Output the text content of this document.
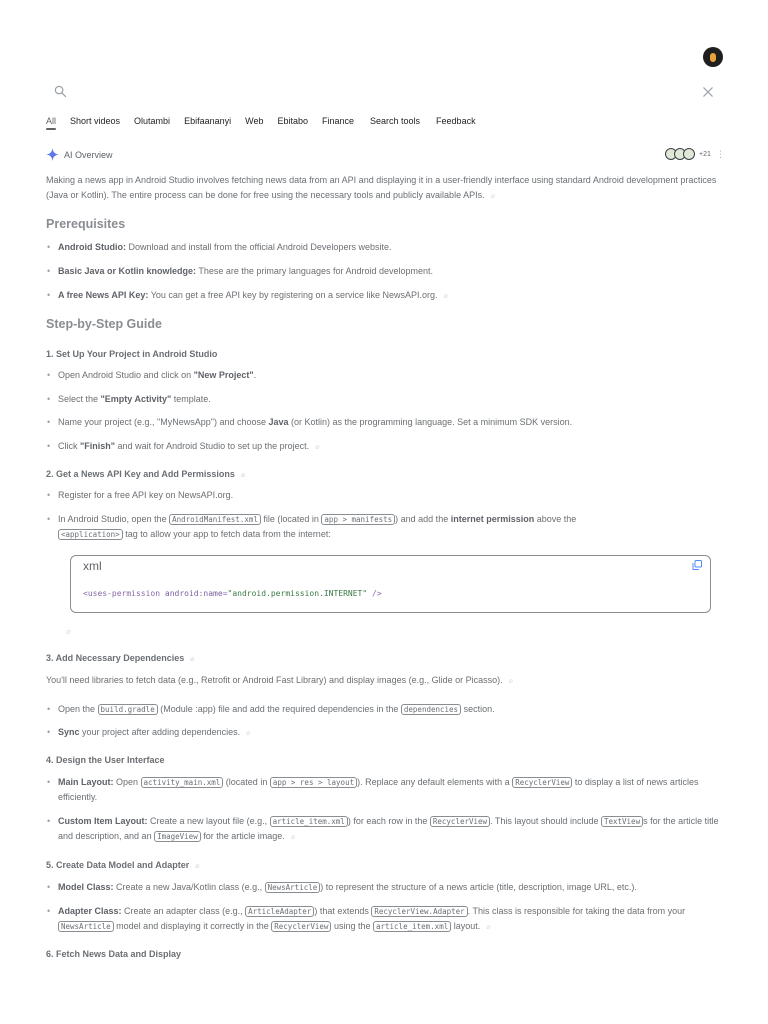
All Short videos Olutambi Ebifaananyi Web Ebitabo Finance Search tools Feedback
AI Overview	+21 ⋮
Making a news app in Android Studio involves fetching news data from an API and displaying it in a user-friendly interface using standard Android development practices (Java or Kotlin). The entire process can be done for free using the necessary tools and publicly available APIs. ⌀
Prerequisites
• Android Studio: Download and install from the official Android Developers website.
• Basic Java or Kotlin knowledge: These are the primary languages for Android development.
• A free News API Key: You can get a free API key by registering on a service like NewsAPI.org. ⌀
Step-by-Step Guide
1. Set Up Your Project in Android Studio
• Open Android Studio and click on "New Project".
• Select the "Empty Activity" template.
• Name your project (e.g., "MyNewsApp") and choose Java (or Kotlin) as the programming language. Set a minimum SDK version.
• Click "Finish" and wait for Android Studio to set up the project. ⌀
2. Get a News API Key and Add Permissions ⌀
• Register for a free API key on NewsAPI.org.
• In Android Studio, open the AndroidManifest.xml file (located in app > manifests ) and add the internet permission above the
<application> tag to allow your app to fetch data from the internet:
xml
<uses-permission android:name="android.permission.INTERNET" />
⌀
3. Add Necessary Dependencies ⌀
You'll need libraries to fetch data (e.g., Retrofit or Android Fast Library) and display images (e.g., Glide or Picasso). ⌀
• Open the build.gradle (Module :app) file and add the required dependencies in the dependencies section.
• Sync your project after adding dependencies. ⌀
4. Design the User Interface
• Main Layout: Open activity_main.xml (located in app > res > layout ). Replace any default elements with a RecyclerView to display a list of news articles efficiently.
• Custom Item Layout: Create a new layout file (e.g., article_item.xml ) for each row in the RecyclerView . This layout should include TextView s for the article title and description, and an ImageView for the article image. ⌀
5. Create Data Model and Adapter ⌀
• Model Class: Create a new Java/Kotlin class (e.g., NewsArticle ) to represent the structure of a news article (title, description, image URL, etc.).
• Adapter Class: Create an adapter class (e.g., ArticleAdapter ) that extends RecyclerView.Adapter . This class is responsible for taking the data from your NewsArticle model and displaying it correctly in the RecyclerView using the article_item.xml layout. ⌀
6. Fetch News Data and Display
